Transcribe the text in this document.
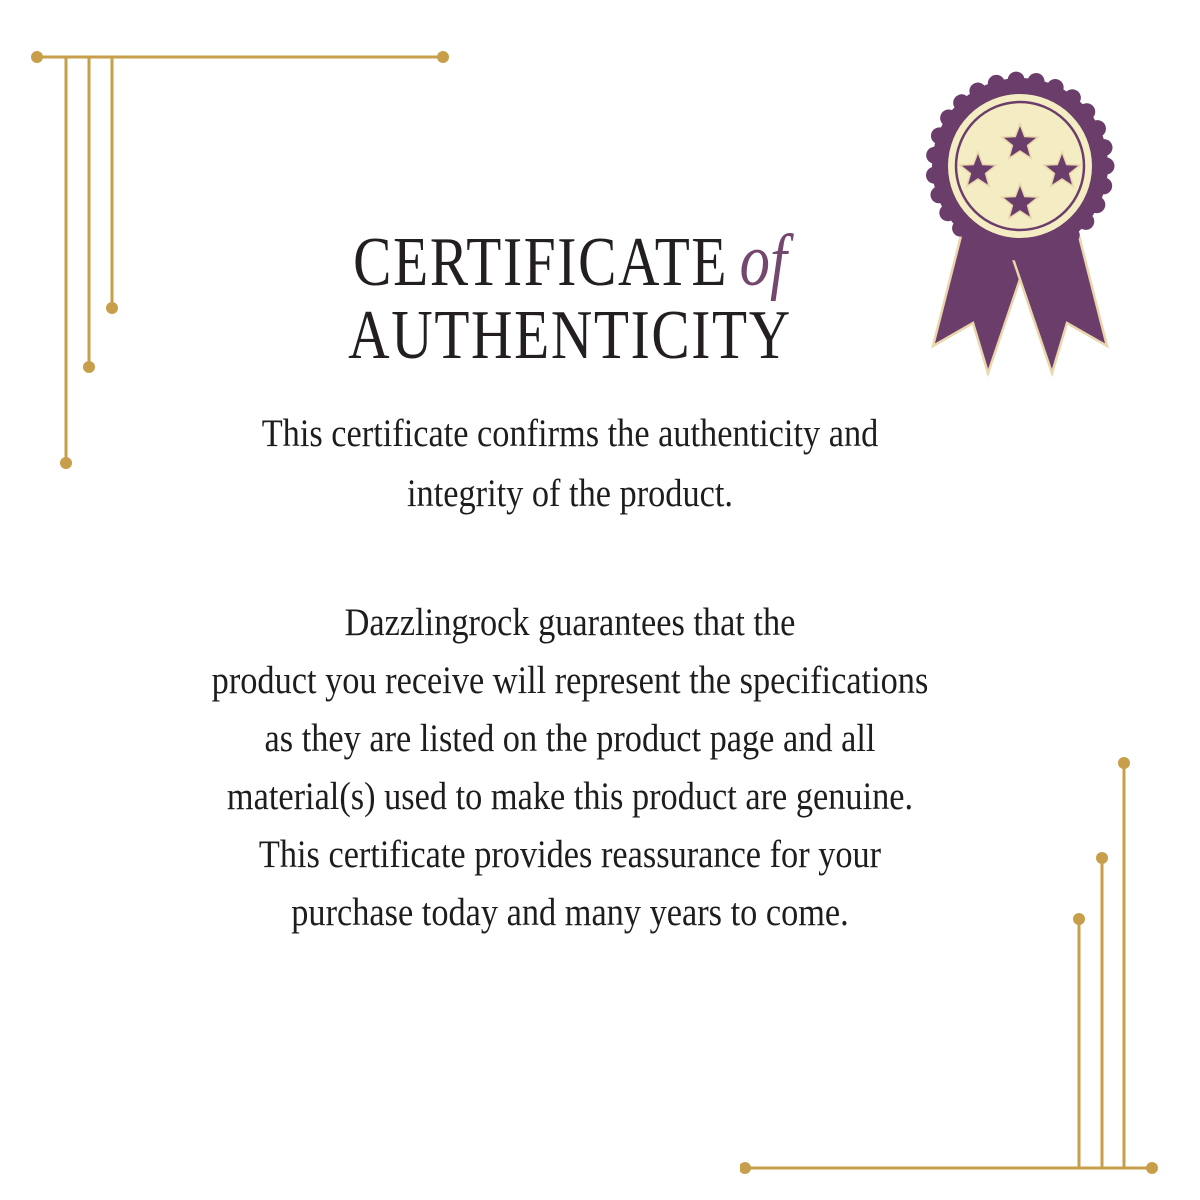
CERTIFICATE of
AUTHENTICITY

This certificate confirms the authenticity and
integrity of the product.

Dazzlingrock guarantees that the
product you receive will represent the specifications
as they are listed on the product page and all
material(s) used to make this product are genuine.
This certificate provides reassurance for your
purchase today and many years to come.
